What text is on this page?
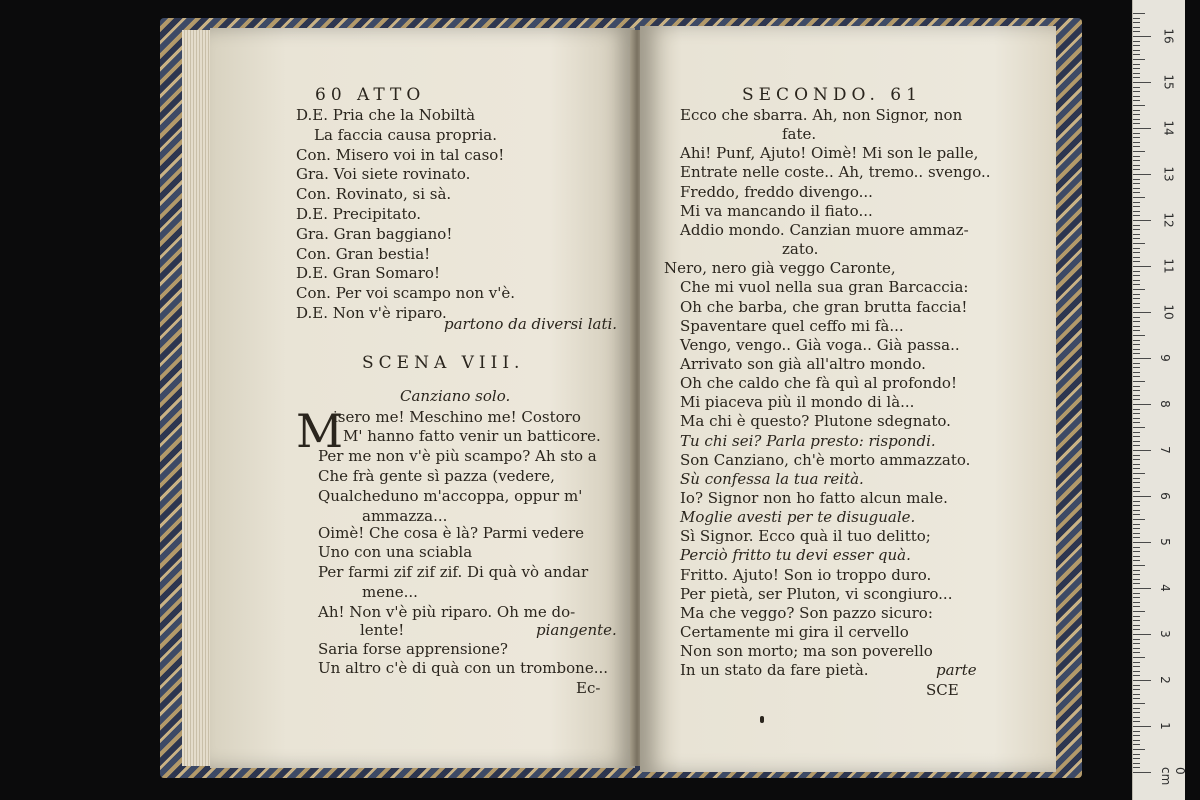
60 ATTO
D.E. Pria che la Nobiltà
La faccia causa propria.
Con. Misero voi in tal caso!
Gra. Voi siete rovinato.
Con. Rovinato, si sà.
D.E. Precipitato.
Gra. Gran baggiano!
Con. Gran bestia!
D.E. Gran Somaro!
Con. Per voi scampo non v'è.
D.E. Non v'è riparo.
partono da diversi lati.
SCENA VIII.
Canziano solo.
M
isero me! Meschino me! Costoro
M' hanno fatto venir un batticore.
Per me non v'è più scampo? Ah sto a
Che frà gente sì pazza (vedere,
Qualcheduno m'accoppa, oppur m'
ammazza...
Oimè! Che cosa è là? Parmi vedere
Uno con una sciabla
Per farmi zif zif zif. Di quà vò andar
mene...
Ah! Non v'è più riparo. Oh me do-
lente!	piangente.
Saria forse apprensione?
Un altro c'è di quà con un trombone...
Ec-
SECONDO. 61
Ecco che sbarra. Ah, non Signor, non
fate.
Ahi! Punf, Ajuto! Oimè! Mi son le palle,
Entrate nelle coste.. Ah, tremo.. svengo..
Freddo, freddo divengo...
Mi va mancando il fiato...
Addio mondo. Canzian muore ammaz-
zato.
Nero, nero già veggo Caronte,
Che mi vuol nella sua gran Barcaccia:
Oh che barba, che gran brutta faccia!
Spaventare quel ceffo mi fà...
Vengo, vengo.. Già voga.. Già passa..
Arrivato son già all'altro mondo.
Oh che caldo che fà quì al profondo!
Mi piaceva più il mondo di là...
Ma chi è questo? Plutone sdegnato.
Tu chi sei? Parla presto: rispondi.
Son Canziano, ch'è morto ammazzato.
Sù confessa la tua reità.
Io? Signor non ho fatto alcun male.
Moglie avesti per te disuguale.
Sì Signor. Ecco quà il tuo delitto;
Perciò fritto tu devi esser quà.
Fritto. Ajuto! Son io troppo duro.
Per pietà, ser Pluton, vi scongiuro...
Ma che veggo? Son pazzo sicuro:
Certamente mi gira il cervello
Non son morto; ma son poverello
In un stato da fare pietà.	parte
SCE
0 cm
1
2
3
4
5
6
7
8
9
10
11
12
13
14
15
16
